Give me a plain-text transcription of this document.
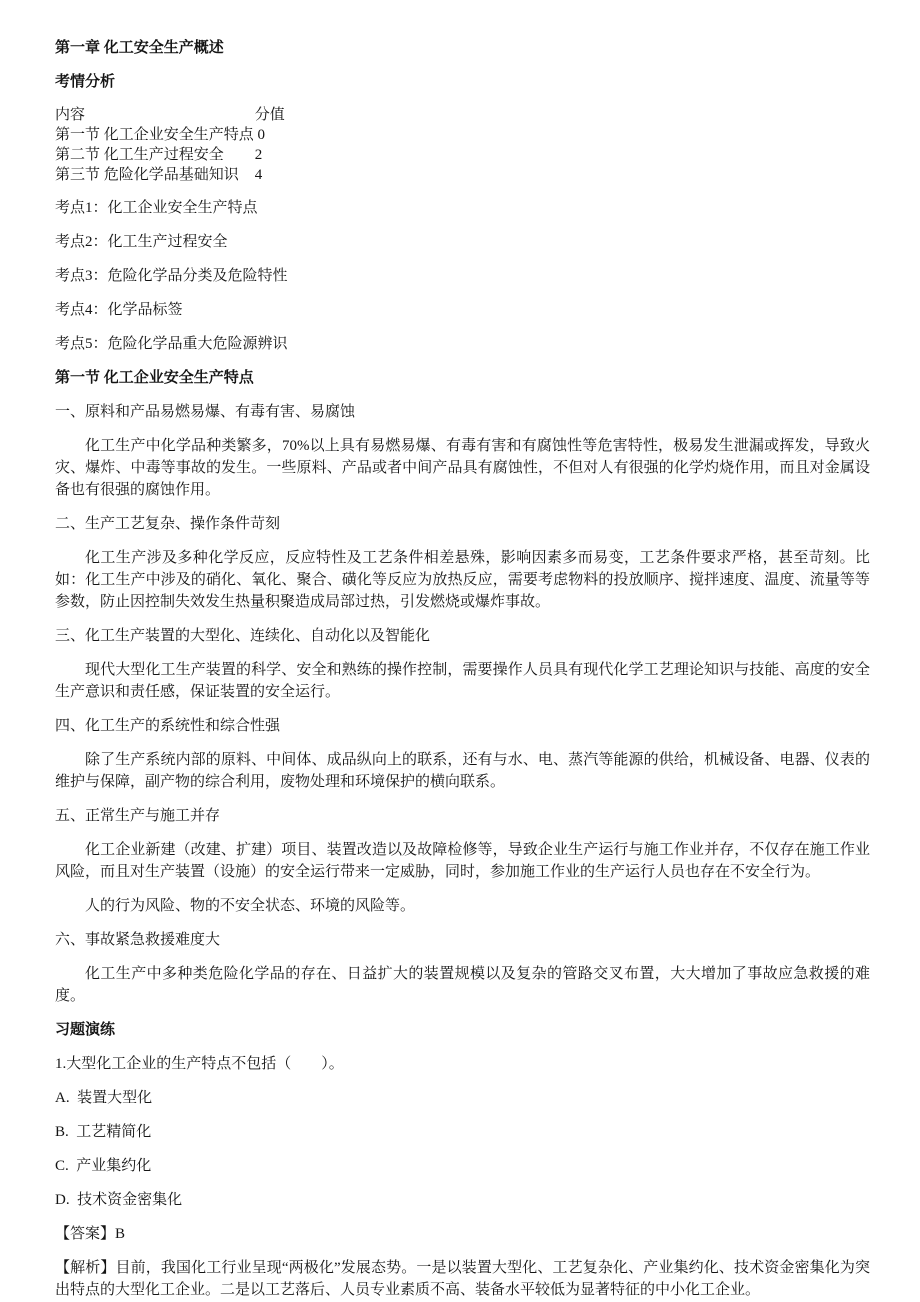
第一章 化工安全生产概述
考情分析
内容	分值
第一节 化工企业安全生产特点 0
第二节 化工生产过程安全 2
第三节 危险化学品基础知识 4

考点1：化工企业安全生产特点

考点2：化工生产过程安全

考点3：危险化学品分类及危险特性

考点4：化学品标签

考点5：危险化学品重大危险源辨识

第一节 化工企业安全生产特点

一、原料和产品易燃易爆、有毒有害、易腐蚀

化工生产中化学品种类繁多，70%以上具有易燃易爆、有毒有害和有腐蚀性等危害特性，极易发生泄漏或挥发，导致火灾、爆炸、中毒等事故的发生。一些原料、产品或者中间产品具有腐蚀性，不但对人有很强的化学灼烧作用，而且对金属设备也有很强的腐蚀作用。

二、生产工艺复杂、操作条件苛刻

化工生产涉及多种化学反应，反应特性及工艺条件相差悬殊，影响因素多而易变，工艺条件要求严格，甚至苛刻。比如：化工生产中涉及的硝化、氧化、聚合、磺化等反应为放热反应，需要考虑物料的投放顺序、搅拌速度、温度、流量等等参数，防止因控制失效发生热量积聚造成局部过热，引发燃烧或爆炸事故。

三、化工生产装置的大型化、连续化、自动化以及智能化

现代大型化工生产装置的科学、安全和熟练的操作控制，需要操作人员具有现代化学工艺理论知识与技能、高度的安全生产意识和责任感，保证装置的安全运行。

四、化工生产的系统性和综合性强

除了生产系统内部的原料、中间体、成品纵向上的联系，还有与水、电、蒸汽等能源的供给，机械设备、电器、仪表的维护与保障，副产物的综合利用，废物处理和环境保护的横向联系。

五、正常生产与施工并存

化工企业新建（改建、扩建）项目、装置改造以及故障检修等，导致企业生产运行与施工作业并存，不仅存在施工作业风险，而且对生产装置（设施）的安全运行带来一定威胁，同时，参加施工作业的生产运行人员也存在不安全行为。

人的行为风险、物的不安全状态、环境的风险等。

六、事故紧急救援难度大

化工生产中多种类危险化学品的存在、日益扩大的装置规模以及复杂的管路交叉布置，大大增加了事故应急救援的难度。

习题演练

1.大型化工企业的生产特点不包括（　　）。

A.  装置大型化

B.  工艺精简化

C.  产业集约化

D.  技术资金密集化

【答案】B

【解析】目前，我国化工行业呈现“两极化”发展态势。一是以装置大型化、工艺复杂化、产业集约化、技术资金密集化为突出特点的大型化工企业。二是以工艺落后、人员专业素质不高、装备水平较低为显著特征的中小化工企业。
